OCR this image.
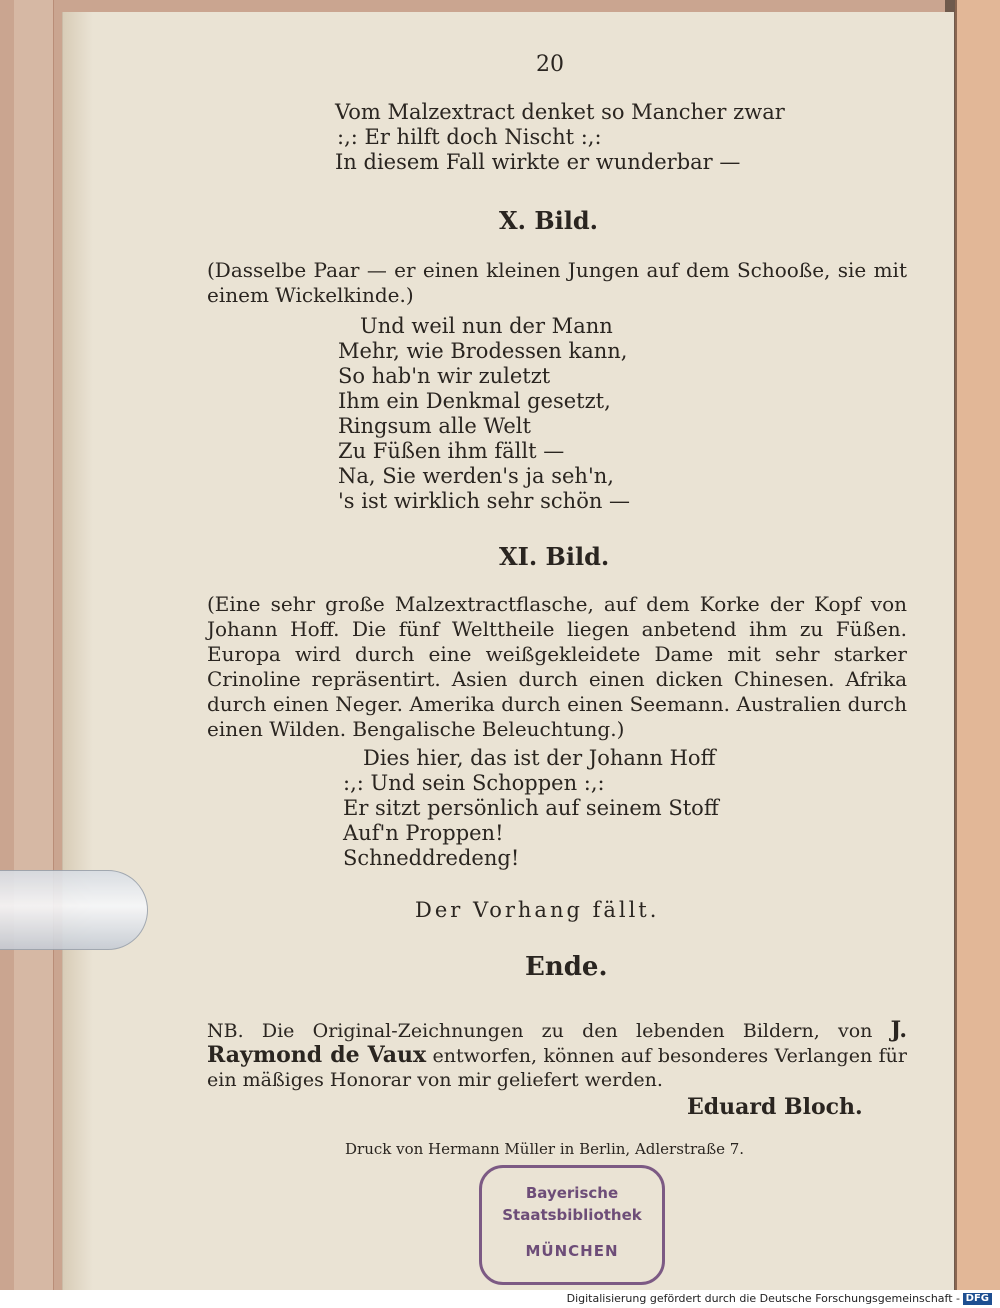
20
Vom Malzextract denket so Mancher zwar
:,: Er hilft doch Nischt :,:
In diesem Fall wirkte er wunderbar —
X. Bild.
(Dasselbe Paar — er einen kleinen Jungen auf dem Schooße, sie mit einem Wickelkinde.)
Und weil nun der Mann
Mehr, wie Brodessen kann,
So hab'n wir zuletzt
Ihm ein Denkmal gesetzt,
Ringsum alle Welt
Zu Füßen ihm fällt —
Na, Sie werden's ja seh'n,
's ist wirklich sehr schön —
XI. Bild.
(Eine sehr große Malzextractflasche, auf dem Korke der Kopf von Johann Hoff. Die fünf Welttheile liegen anbetend ihm zu Füßen. Europa wird durch eine weißgekleidete Dame mit sehr starker Crinoline repräsentirt. Asien durch einen dicken Chinesen. Afrika durch einen Neger. Amerika durch einen Seemann. Australien durch einen Wilden. Bengalische Beleuchtung.)
Dies hier, das ist der Johann Hoff
:,: Und sein Schoppen :,:
Er sitzt persönlich auf seinem Stoff
Auf'n Proppen!
Schneddredeng!
Der Vorhang fällt.
Ende.
NB. Die Original-Zeichnungen zu den lebenden Bildern, von J. Raymond de Vaux entworfen, können auf besonderes Verlangen für ein mäßiges Honorar von mir geliefert werden.
Eduard Bloch.
Druck von Hermann Müller in Berlin, Adlerstraße 7.
Bayerische
Staatsbibliothek
MÜNCHEN
Digitalisierung gefördert durch die Deutsche Forschungsgemeinschaft - DFG
